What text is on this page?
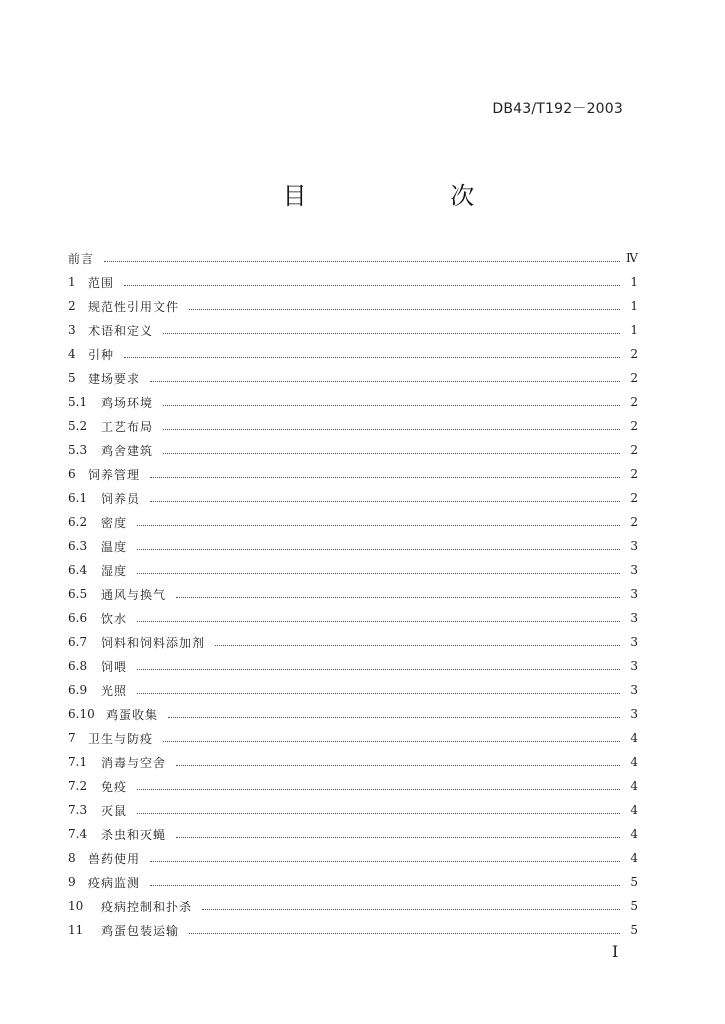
DB43/T192－2003
目 次
前言	Ⅳ
1	范围	1
2	规范性引用文件	1
3	术语和定义	1
4	引种	2
5	建场要求	2
5.1	鸡场环境	2
5.2	工艺布局	2
5.3	鸡舍建筑	2
6	饲养管理	2
6.1	饲养员	2
6.2	密度	2
6.3	温度	3
6.4	湿度	3
6.5	通风与换气	3
6.6	饮水	3
6.7	饲料和饲料添加剂	3
6.8	饲喂	3
6.9	光照	3
6.10 鸡蛋收集	3
7	卫生与防疫	4
7.1	消毒与空舍	4
7.2	免疫	4
7.3	灭鼠	4
7.4	杀虫和灭蝇	4
8	兽药使用	4
9	疫病监测	5
10	疫病控制和扑杀	5
11	鸡蛋包装运输	5
I
